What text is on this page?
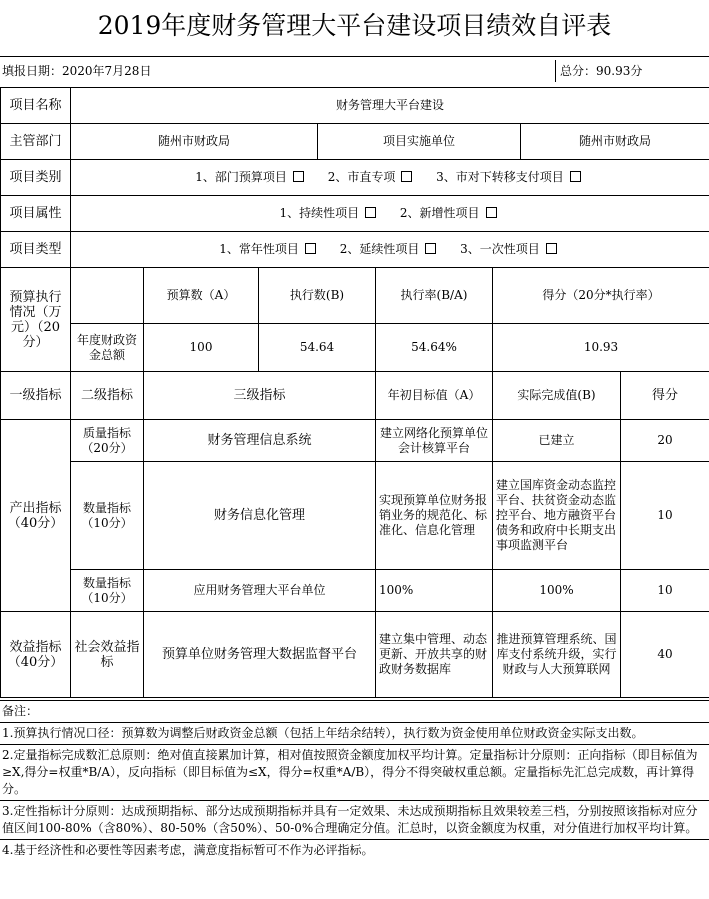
2019年度财务管理大平台建设项目绩效自评表
填报日期：2020年7月28日	总分：90.93分
项目名称	财务管理大平台建设							
主管部门	随州市财政局			项目实施单位			随州市财政局	
项目类别	1、部门预算项目 2、市直专项 3、市对下转移支付项目							
项目属性	1、持续性项目 2、新增性项目							
项目类型	1、常年性项目 2、延续性项目 3、一次性项目							
预算执行情况（万元）（20分）		预算数（A）	执行数(B)		执行率(B/A)	得分（20分*执行率）		
	年度财政资金总额	100	54.64		54.64%	10.93		
一级指标	二级指标	三级指标			年初目标值（A）	实际完成值(B)		得分
产出指标（40分）	质量指标（20分）	财务管理信息系统			建立网络化预算单位会计核算平台	已建立		20
	数量指标（10分）	财务信息化管理			实现预算单位财务报销业务的规范化、标准化、信息化管理	建立国库资金动态监控平台、扶贫资金动态监控平台、地方融资平台债务和政府中长期支出事项监测平台		10
	数量指标（10分）	应用财务管理大平台单位			100%	100%		10
效益指标（40分）	社会效益指标	预算单位财务管理大数据监督平台			建立集中管理、动态更新、开放共享的财政财务数据库	推进预算管理系统、国库支付系统升级，实行财政与人大预算联网		40
备注：
1.预算执行情况口径：预算数为调整后财政资金总额（包括上年结余结转），执行数为资金使用单位财政资金实际支出数。
2.定量指标完成数汇总原则：绝对值直接累加计算，相对值按照资金额度加权平均计算。定量指标计分原则：正向指标（即目标值为≥X,得分=权重*B/A），反向指标（即目标值为≤X，得分=权重*A/B），得分不得突破权重总额。定量指标先汇总完成数，再计算得分。
3.定性指标计分原则：达成预期指标、部分达成预期指标并具有一定效果、未达成预期指标且效果较差三档，分别按照该指标对应分值区间100-80%（含80%）、80-50%（含50%）、50-0%合理确定分值。汇总时，以资金额度为权重，对分值进行加权平均计算。
4.基于经济性和必要性等因素考虑，满意度指标暂可不作为必评指标。
